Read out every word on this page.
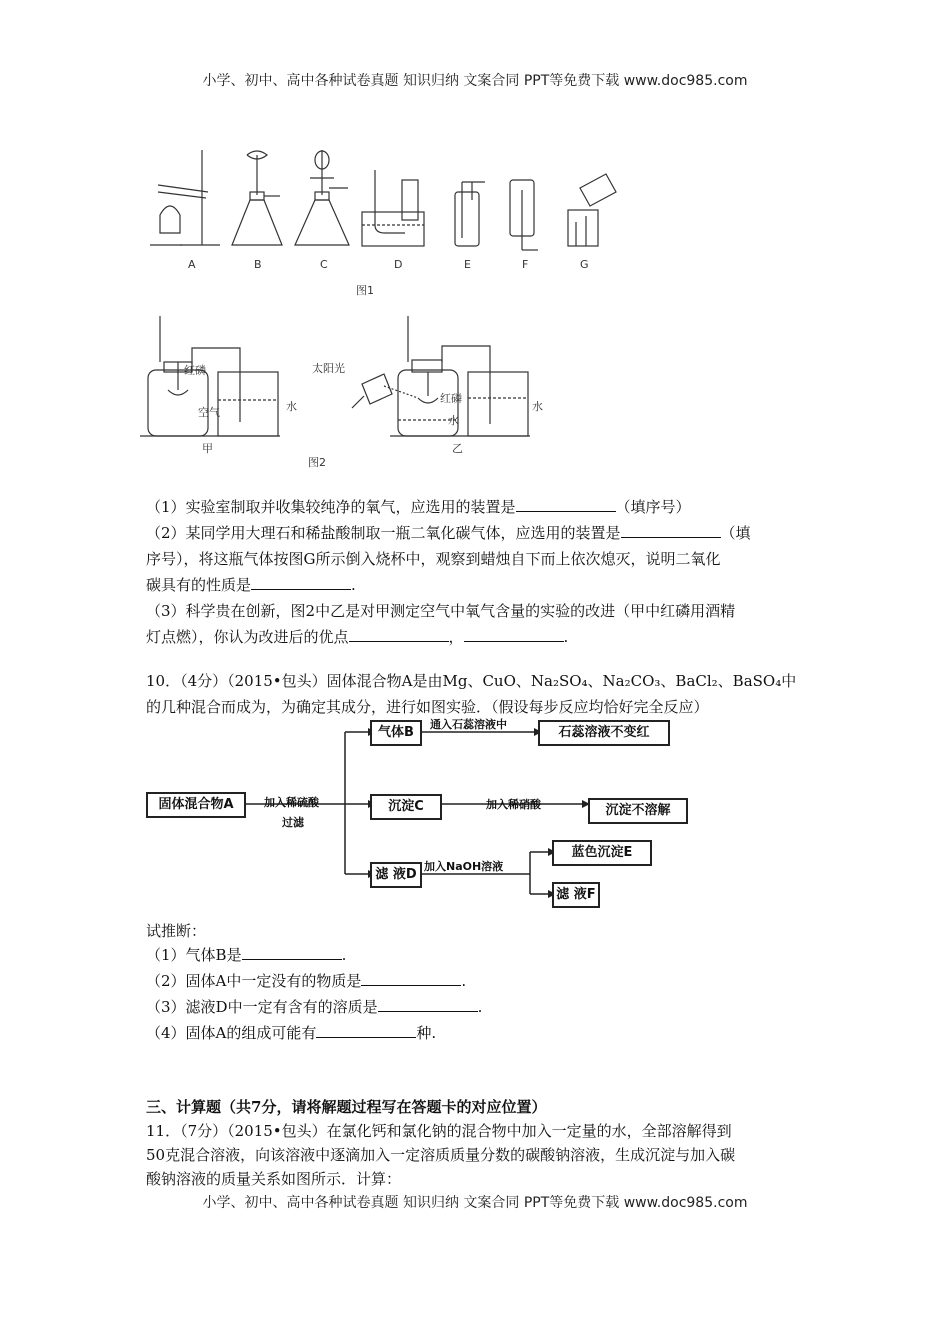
小学、初中、高中各种试卷真题 知识归纳 文案合同 PPT等免费下载 www.doc985.com
A	B	C	D	E	F	G
图1
红磷
空气	水
甲
太阳光
红磷
水
水
乙
图2
（1）实验室制取并收集较纯净的氧气，应选用的装置是	（填序号）
（2）某同学用大理石和稀盐酸制取一瓶二氧化碳气体，应选用的装置是	（填
序号），将这瓶气体按图G所示倒入烧杯中，观察到蜡烛自下而上依次熄灭，说明二氧化
碳具有的性质是	.
（3）科学贵在创新，图2中乙是对甲测定空气中氧气含量的实验的改进（甲中红磷用酒精
灯点燃），你认为改进后的优点	，	.
10．（4分）（2015•包头）固体混合物A是由Mg、CuO、Na₂SO₄、Na₂CO₃、BaCl₂、BaSO₄中
的几种混合而成为，为确定其成分，进行如图实验．（假设每步反应均恰好完全反应）
固体混合物A	加入稀硫酸
过滤
气体B
通入石蕊溶液中
石蕊溶液不变红
沉淀C	加入稀硝酸	沉淀不溶解
滤 液D
加入NaOH溶液
蓝色沉淀E
滤 液F
试推断：
（1）气体B是	.
（2）固体A中一定没有的物质是	.
（3）滤液D中一定有含有的溶质是	.
（4）固体A的组成可能有	种.
三、计算题（共7分，请将解题过程写在答题卡的对应位置）
11．（7分）（2015•包头）在氯化钙和氯化钠的混合物中加入一定量的水，全部溶解得到
50克混合溶液，向该溶液中逐滴加入一定溶质质量分数的碳酸钠溶液，生成沉淀与加入碳
酸钠溶液的质量关系如图所示．计算：
小学、初中、高中各种试卷真题 知识归纳 文案合同 PPT等免费下载 www.doc985.com
